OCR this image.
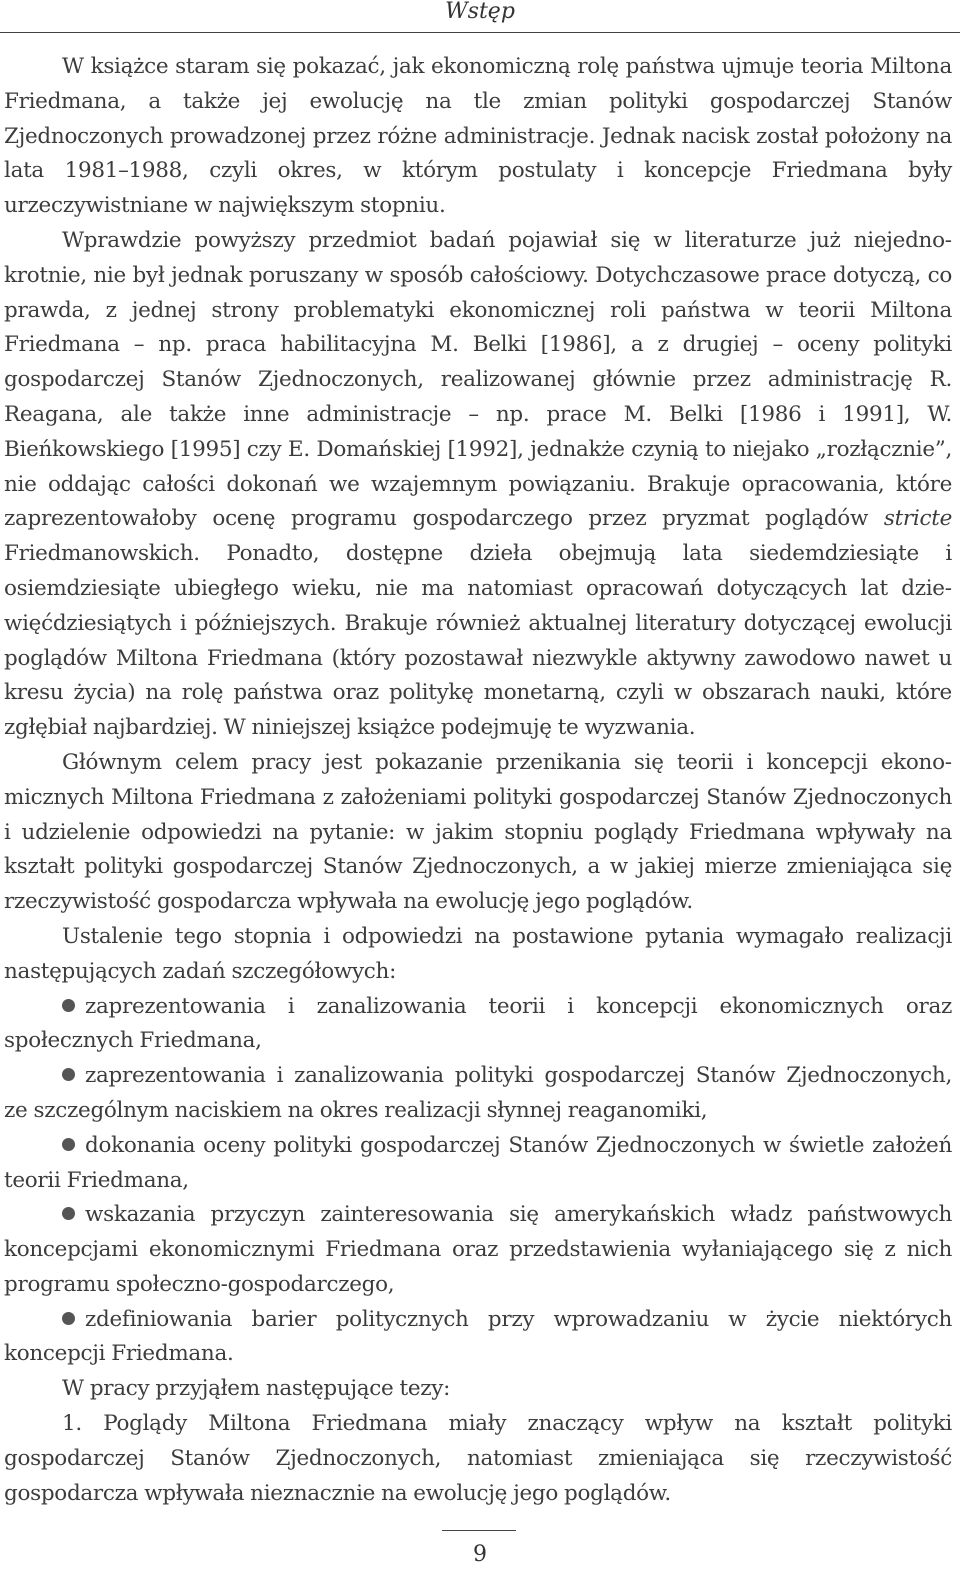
Wstęp

W książce staram się pokazać, jak ekonomiczną rolę państwa ujmuje teoria Miltona Friedmana, a także jej ewolucję na tle zmian polityki gospodarczej Stanów Zjednoczonych prowadzonej przez różne administracje. Jednak nacisk został położony na lata 1981–1988, czyli okres, w którym postulaty i koncepcje Friedmana były urzeczywistniane w największym stopniu.

Wprawdzie powyższy przedmiot badań pojawiał się w literaturze już niejednokrotnie, nie był jednak poruszany w sposób całościowy. Dotychczasowe prace dotyczą, co prawda, z jednej strony problematyki ekonomicznej roli państwa w teorii Miltona Friedmana – np. praca habilitacyjna M. Belki [1986], a z drugiej – oceny polityki gospodarczej Stanów Zjednoczonych, realizowanej głównie przez administrację R. Reagana, ale także inne administracje – np. prace M. Belki [1986 i 1991], W. Bieńkowskiego [1995] czy E. Domańskiej [1992], jednakże czynią to niejako „rozłącznie”, nie oddając całości dokonań we wzajemnym powiązaniu. Brakuje opracowania, które zaprezentowałoby ocenę programu gospodarczego przez pryzmat poglądów stricte Friedmanowskich. Ponadto, dostępne dzieła obejmują lata siedemdziesiąte i osiemdziesiąte ubiegłego wieku, nie ma natomiast opracowań dotyczących lat dziewięćdziesiątych i późniejszych. Brakuje również aktualnej literatury dotyczącej ewolucji poglądów Miltona Friedmana (który pozostawał niezwykle aktywny zawodowo nawet u kresu życia) na rolę państwa oraz politykę monetarną, czyli w obszarach nauki, które zgłębiał najbardziej. W niniejszej książce podejmuję te wyzwania.

Głównym celem pracy jest pokazanie przenikania się teorii i koncepcji ekonomicznych Miltona Friedmana z założeniami polityki gospodarczej Stanów Zjednoczonych i udzielenie odpowiedzi na pytanie: w jakim stopniu poglądy Friedmana wpływały na kształt polityki gospodarczej Stanów Zjednoczonych, a w jakiej mierze zmieniająca się rzeczywistość gospodarcza wpływała na ewolucję jego poglądów.

Ustalenie tego stopnia i odpowiedzi na postawione pytania wymagało realizacji następujących zadań szczegółowych:

zaprezentowania i zanalizowania teorii i koncepcji ekonomicznych oraz społecznych Friedmana,
zaprezentowania i zanalizowania polityki gospodarczej Stanów Zjednoczonych, ze szczególnym naciskiem na okres realizacji słynnej reaganomiki,
dokonania oceny polityki gospodarczej Stanów Zjednoczonych w świetle założeń teorii Friedmana,
wskazania przyczyn zainteresowania się amerykańskich władz państwowych koncepcjami ekonomicznymi Friedmana oraz przedstawienia wyłaniającego się z nich programu społeczno-gospodarczego,
zdefiniowania barier politycznych przy wprowadzaniu w życie niektórych koncepcji Friedmana.

W pracy przyjąłem następujące tezy:

1. Poglądy Miltona Friedmana miały znaczący wpływ na kształt polityki gospodarczej Stanów Zjednoczonych, natomiast zmieniająca się rzeczywistość gospodarcza wpływała nieznacznie na ewolucję jego poglądów.

9
